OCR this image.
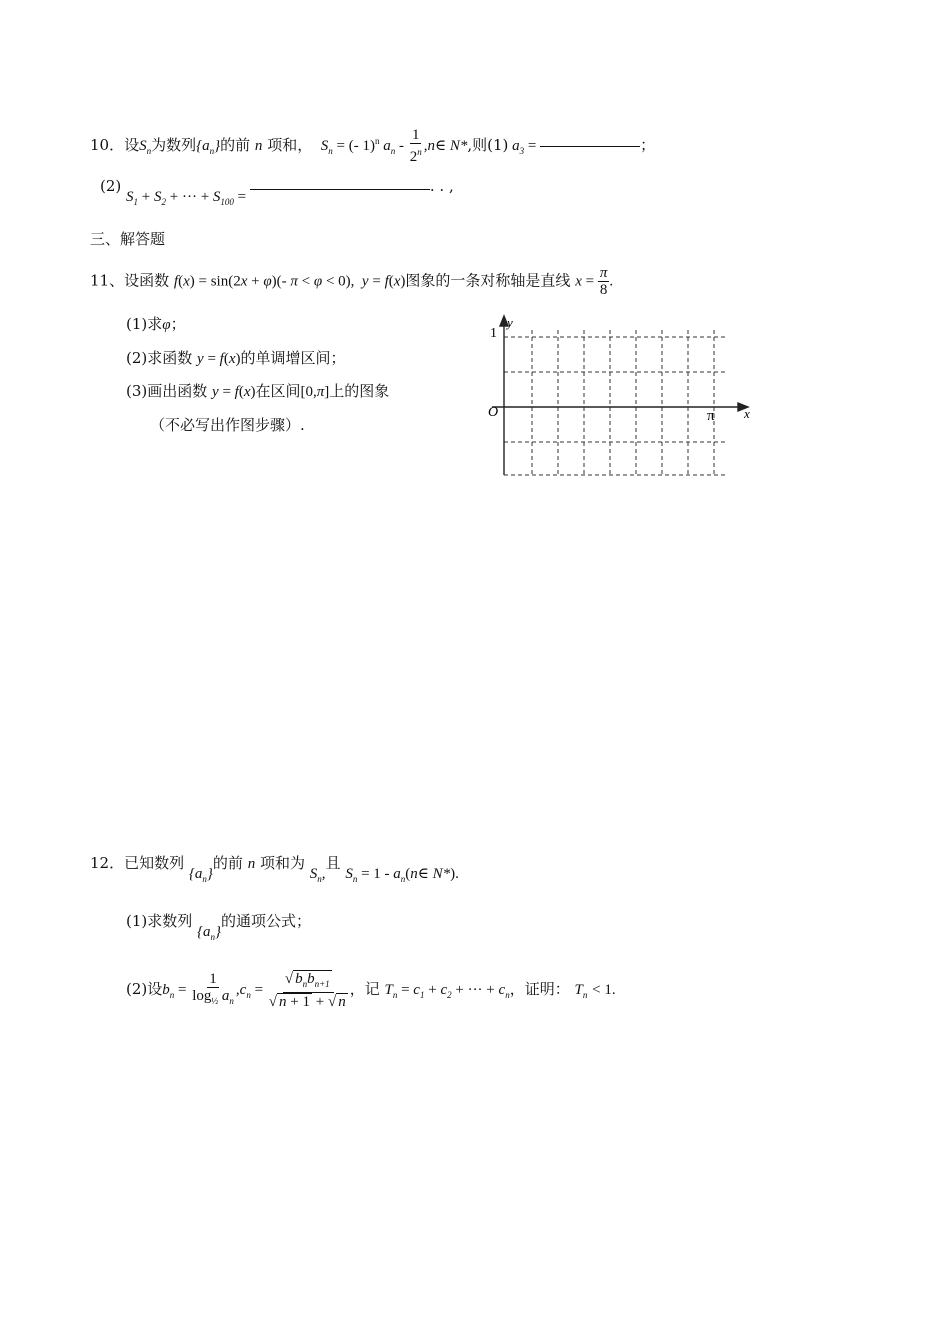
10．设$S_n$为数列$\{a_n\}$的前 n 项和，  $S_n$ = (- 1)$^n$ $a_n - \frac{1}{2^n}$ ,n∈ N*,则(1) $a_3$ =	；
(2) $S_1 + S_2$ + ··· + $S_{100}$ = . . ,
三、解答题
11、设函数 f(x) = sin(2x + φ)(- π < φ < 0),  y = f(x)图象的一条对称轴是直线 $x = \frac{\pi}{8}$ .
(1)求φ；
(2)求函数 y = f(x)的单调增区间；
(3)画出函数 y = f(x)在区间[0,π]上的图象
（不必写出作图步骤）.
y
x
O
1
π
12．已知数列 $\{a_n\}$的前 n 项和为 $S_n$,且 $S_n = 1$ - $a_n(n\in$ N*).
(1)求数列 $\{a_n\}$的通项公式；
(2)设$b_n = \frac{1}{\log_{\frac{1}{2}} a_n} ,c_n = \frac{√ b_nb_{n+1}}{√ n + 1 + √ n}$ ，记 $T_n = c_1 + c_2$ + ··· + $c_n$，证明： $T_n < 1$.
